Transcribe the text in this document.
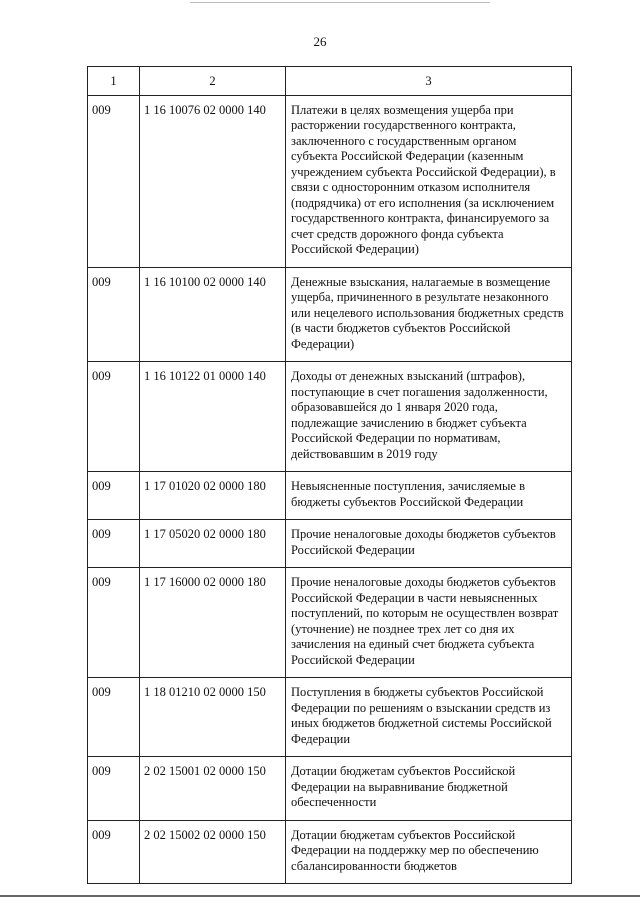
26
1	2	3
009	1 16 10076 02 0000 140	Платежи в целях возмещения ущерба при расторжении государственного контракта, заключенного с государственным органом субъекта Российской Федерации (казенным учреждением субъекта Российской Федерации), в связи с односторонним отказом исполнителя (подрядчика) от его исполнения (за исключением государственного контракта, финансируемого за счет средств дорожного фонда субъекта Российской Федерации)
009	1 16 10100 02 0000 140	Денежные взыскания, налагаемые в возмещение ущерба, причиненного в результате незаконного или нецелевого использования бюджетных средств (в части бюджетов субъектов Российской Федерации)
009	1 16 10122 01 0000 140	Доходы от денежных взысканий (штрафов), поступающие в счет погашения задолженности, образовавшейся до 1 января 2020 года, подлежащие зачислению в бюджет субъекта Российской Федерации по нормативам, действовавшим в 2019 году
009	1 17 01020 02 0000 180	Невыясненные поступления, зачисляемые в бюджеты субъектов Российской Федерации
009	1 17 05020 02 0000 180	Прочие неналоговые доходы бюджетов субъектов Российской Федерации
009	1 17 16000 02 0000 180	Прочие неналоговые доходы бюджетов субъектов Российской Федерации в части невыясненных поступлений, по которым не осуществлен возврат (уточнение) не позднее трех лет со дня их зачисления на единый счет бюджета субъекта Российской Федерации
009	1 18 01210 02 0000 150	Поступления в бюджеты субъектов Российской Федерации по решениям о взыскании средств из иных бюджетов бюджетной системы Российской Федерации
009	2 02 15001 02 0000 150	Дотации бюджетам субъектов Российской Федерации на выравнивание бюджетной обеспеченности
009	2 02 15002 02 0000 150	Дотации бюджетам субъектов Российской Федерации на поддержку мер по обеспечению сбалансированности бюджетов
